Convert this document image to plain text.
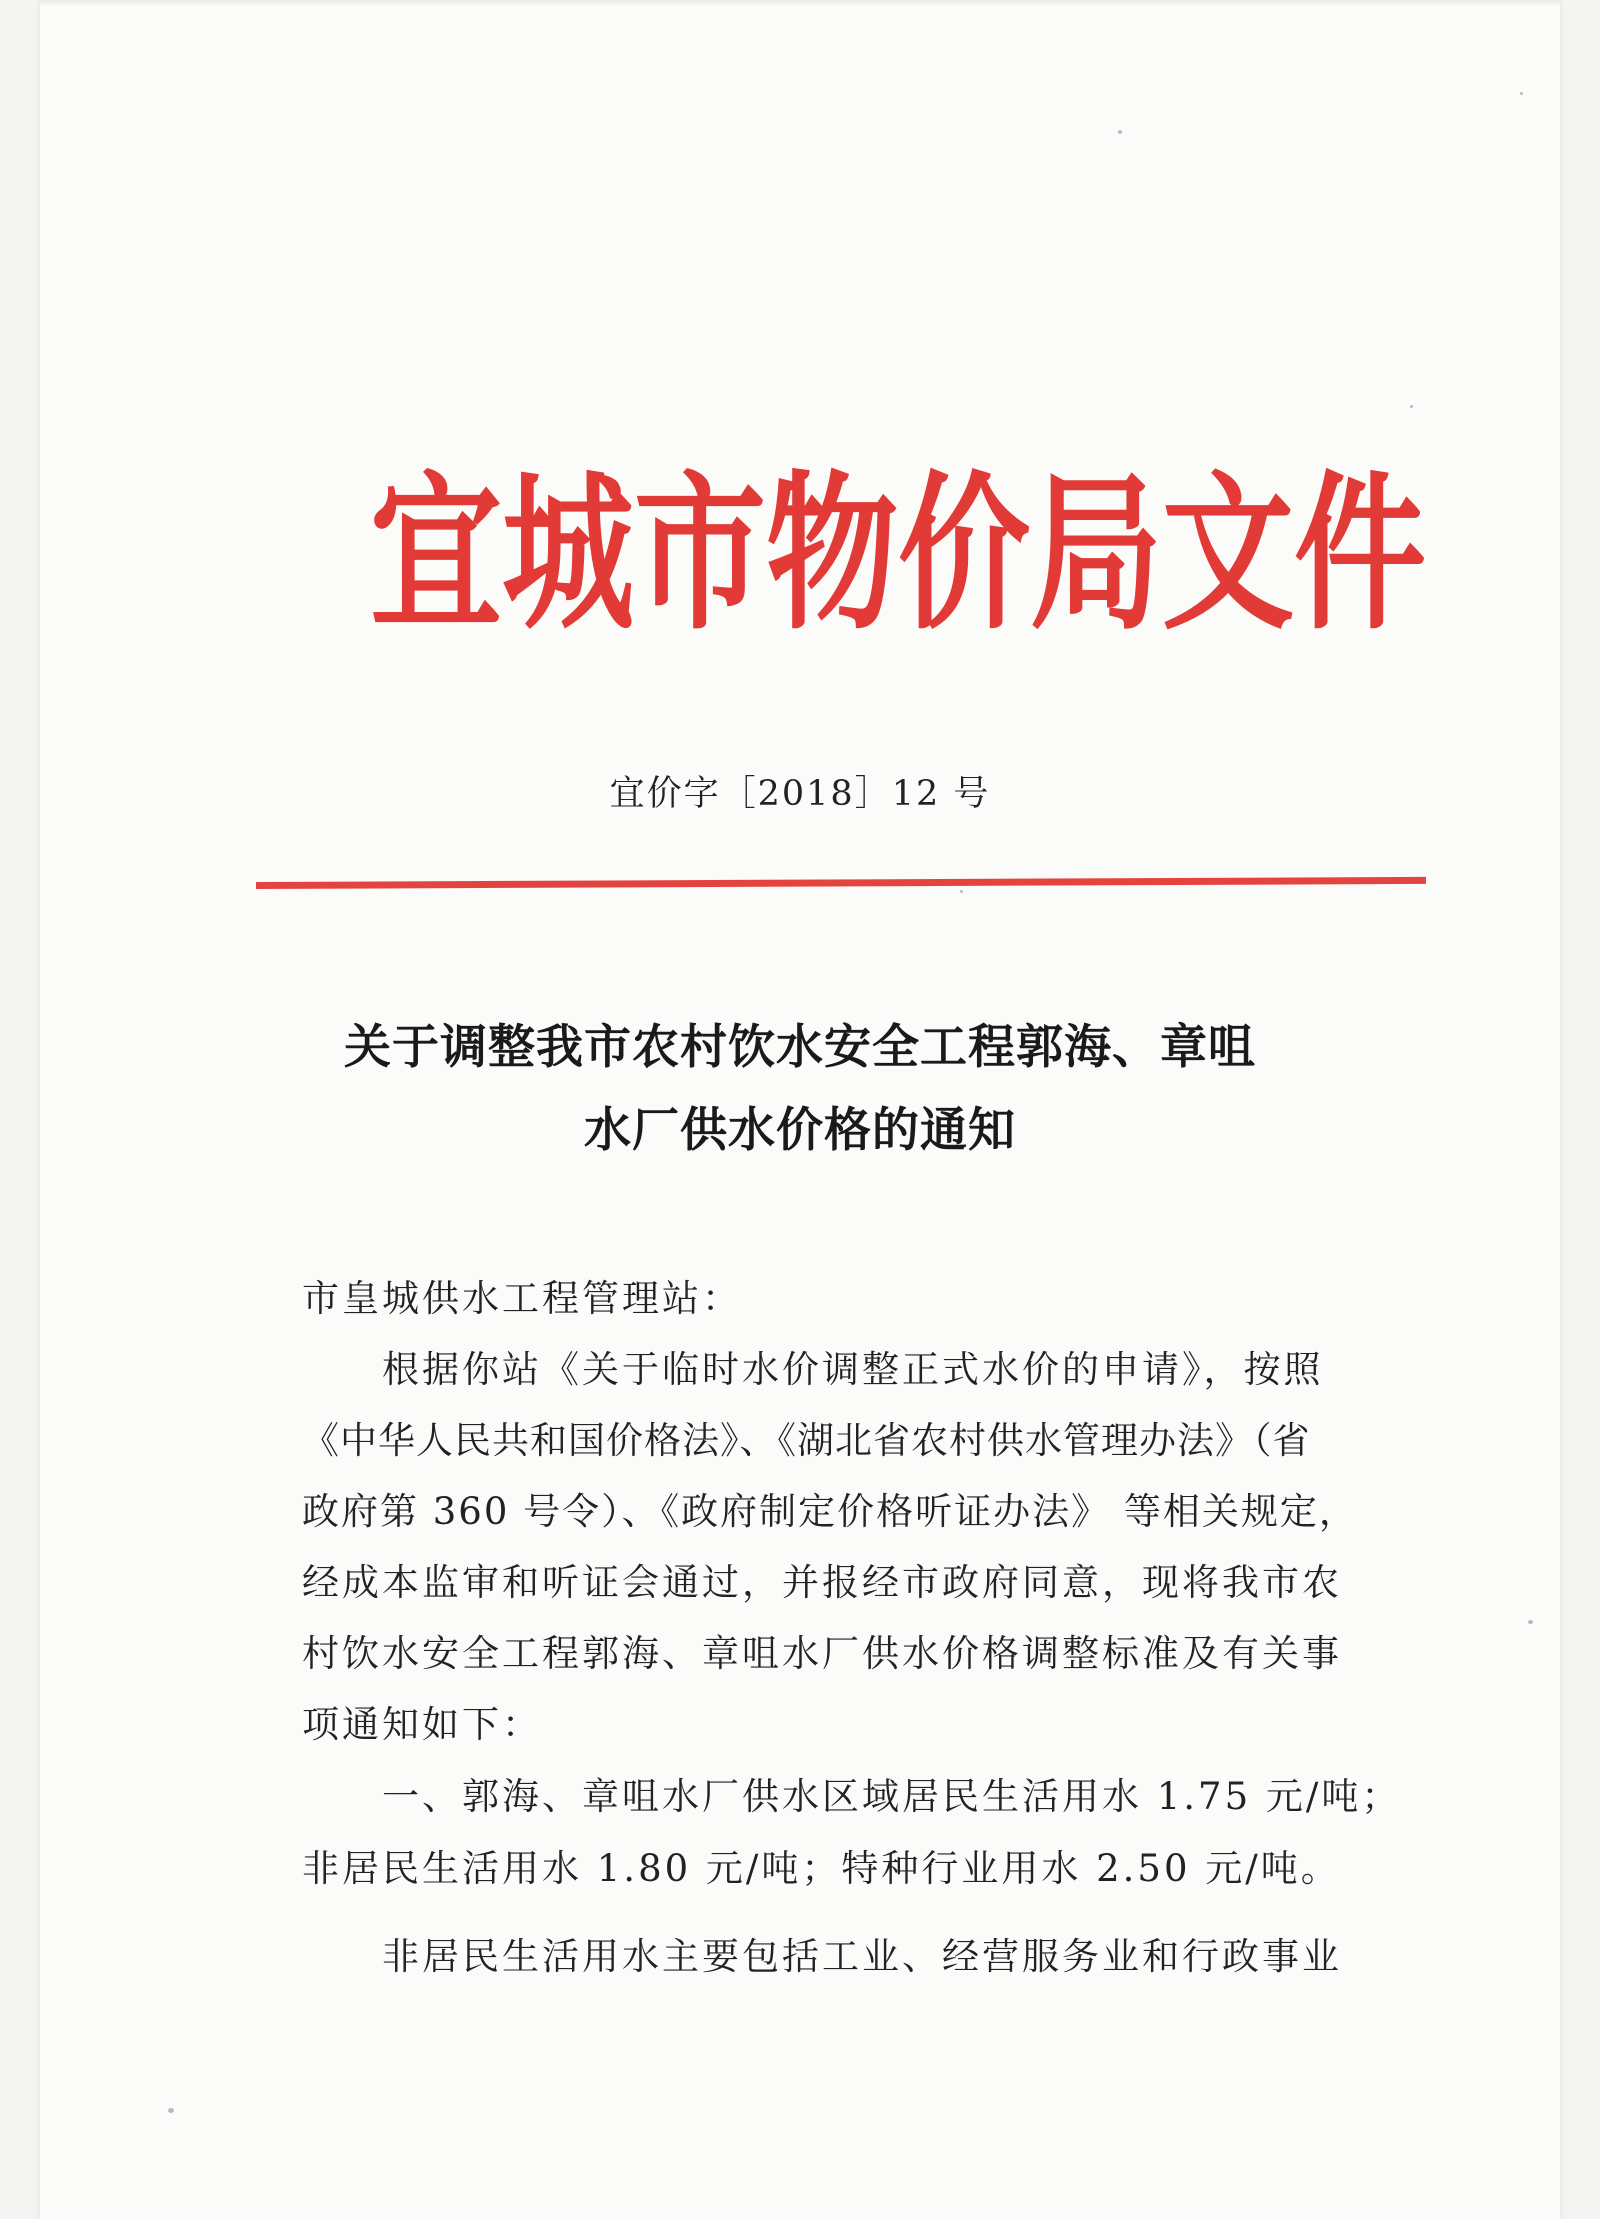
宜 城 市 物 价 局 文 件
宜价字［2018］12 号
关于调整我市农村饮水安全工程郭海、章咀
水厂供水价格的通知
市皇城供水工程管理站：
根据你站《关于临时水价调整正式水价的申请》，按照
《中华人民共和国价格法》、《湖北省农村供水管理办法》（省
政府第 360 号令）、《政府制定价格听证办法》 等相关规定，
经成本监审和听证会通过，并报经市政府同意，现将我市农
村饮水安全工程郭海、章咀水厂供水价格调整标准及有关事
项通知如下：
一、郭海、章咀水厂供水区域居民生活用水 1.75 元/吨；
非居民生活用水 1.80 元/吨；特种行业用水 2.50 元/吨。
非居民生活用水主要包括工业、经营服务业和行政事业
